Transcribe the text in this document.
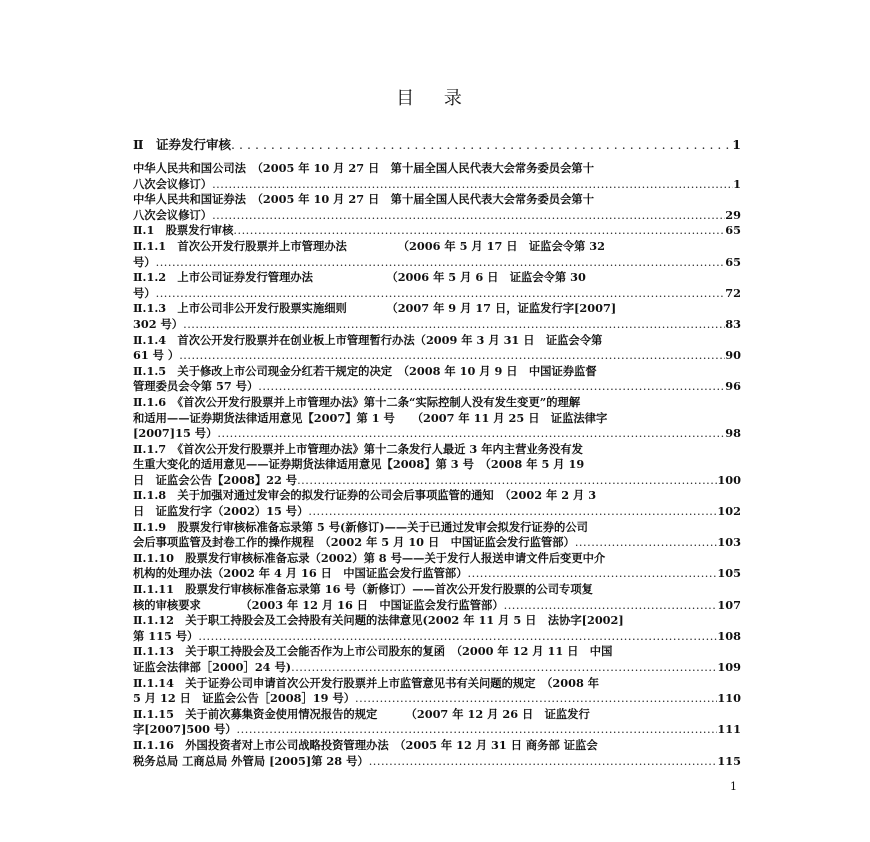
目 录
Ⅱ　证券发行审核 .....	1
中华人民共和国公司法　（2005 年 10 月 27 日　第十届全国人民代表大会常务委员会第十
八次会议修订） .....	1
中华人民共和国证券法　（2005 年 10 月 27 日　第十届全国人民代表大会常务委员会第十
八次会议修订） .....	29
Ⅱ.1　股票发行审核 .....	65
Ⅱ.1.1　首次公开发行股票并上市管理办法　　　　　（2006 年 5 月 17 日　证监会令第 32
号） .....	65
Ⅱ.1.2　上市公司证券发行管理办法　　　　　　　（2006 年 5 月 6 日　证监会令第 30
号） .....	72
Ⅱ.1.3　上市公司非公开发行股票实施细则　　　　（2007 年 9 月 17 日，证监发行字[2007]
302 号） .....	83
Ⅱ.1.4　首次公开发行股票并在创业板上市管理暂行办法（2009 年 3 月 31 日　证监会令第
61 号 ） .....	90
Ⅱ.1.5　关于修改上市公司现金分红若干规定的决定　（2008 年 10 月 9 日　中国证券监督
管理委员会令第 57 号） .....	96
Ⅱ.1.6　《首次公开发行股票并上市管理办法》第十二条“实际控制人没有发生变更”的理解
和适用——证券期货法律适用意见【2007】第 1 号　　（2007 年 11 月 25 日　证监法律字
[2007]15 号） .....	98
Ⅱ.1.7　《首次公开发行股票并上市管理办法》第十二条发行人最近 3 年内主营业务没有发
生重大变化的适用意见——证券期货法律适用意见【2008】第 3 号　（2008 年 5 月 19
日　证监会公告【2008】22 号 .....	100
Ⅱ.1.8　关于加强对通过发审会的拟发行证券的公司会后事项监管的通知　（2002 年 2 月 3
日　证监发行字（2002）15 号） .....	102
Ⅱ.1.9　股票发行审核标准备忘录第 5 号(新修订)——关于已通过发审会拟发行证券的公司
会后事项监管及封卷工作的操作规程　（2002 年 5 月 10 日　中国证监会发行监管部） .....	103
Ⅱ.1.10　股票发行审核标准备忘录（2002）第 8 号——关于发行人报送申请文件后变更中介
机构的处理办法（2002 年 4 月 16 日　中国证监会发行监管部） .....	105
Ⅱ.1.11　股票发行审核标准备忘录第 16 号（新修订）——首次公开发行股票的公司专项复
核的审核要求　　　　（2003 年 12 月 16 日　中国证监会发行监管部） .....	107
Ⅱ.1.12　关于职工持股会及工会持股有关问题的法律意见(2002 年 11 月 5 日　法协字[2002]
第 115 号） .....	108
Ⅱ.1.13　关于职工持股会及工会能否作为上市公司股东的复函　（2000 年 12 月 11 日　中国
证监会法律部［2000］24 号) .....	109
Ⅱ.1.14　关于证券公司申请首次公开发行股票并上市监管意见书有关问题的规定　（2008 年
5 月 12 日　证监会公告［2008］19 号） .....	110
Ⅱ.1.15　关于前次募集资金使用情况报告的规定　　　（2007 年 12 月 26 日　证监发行
字[2007]500 号） .....	111
Ⅱ.1.16　外国投资者对上市公司战略投资管理办法　（2005 年 12 月 31 日 商务部 证监会
税务总局 工商总局 外管局 [2005]第 28 号） .....	115
1
